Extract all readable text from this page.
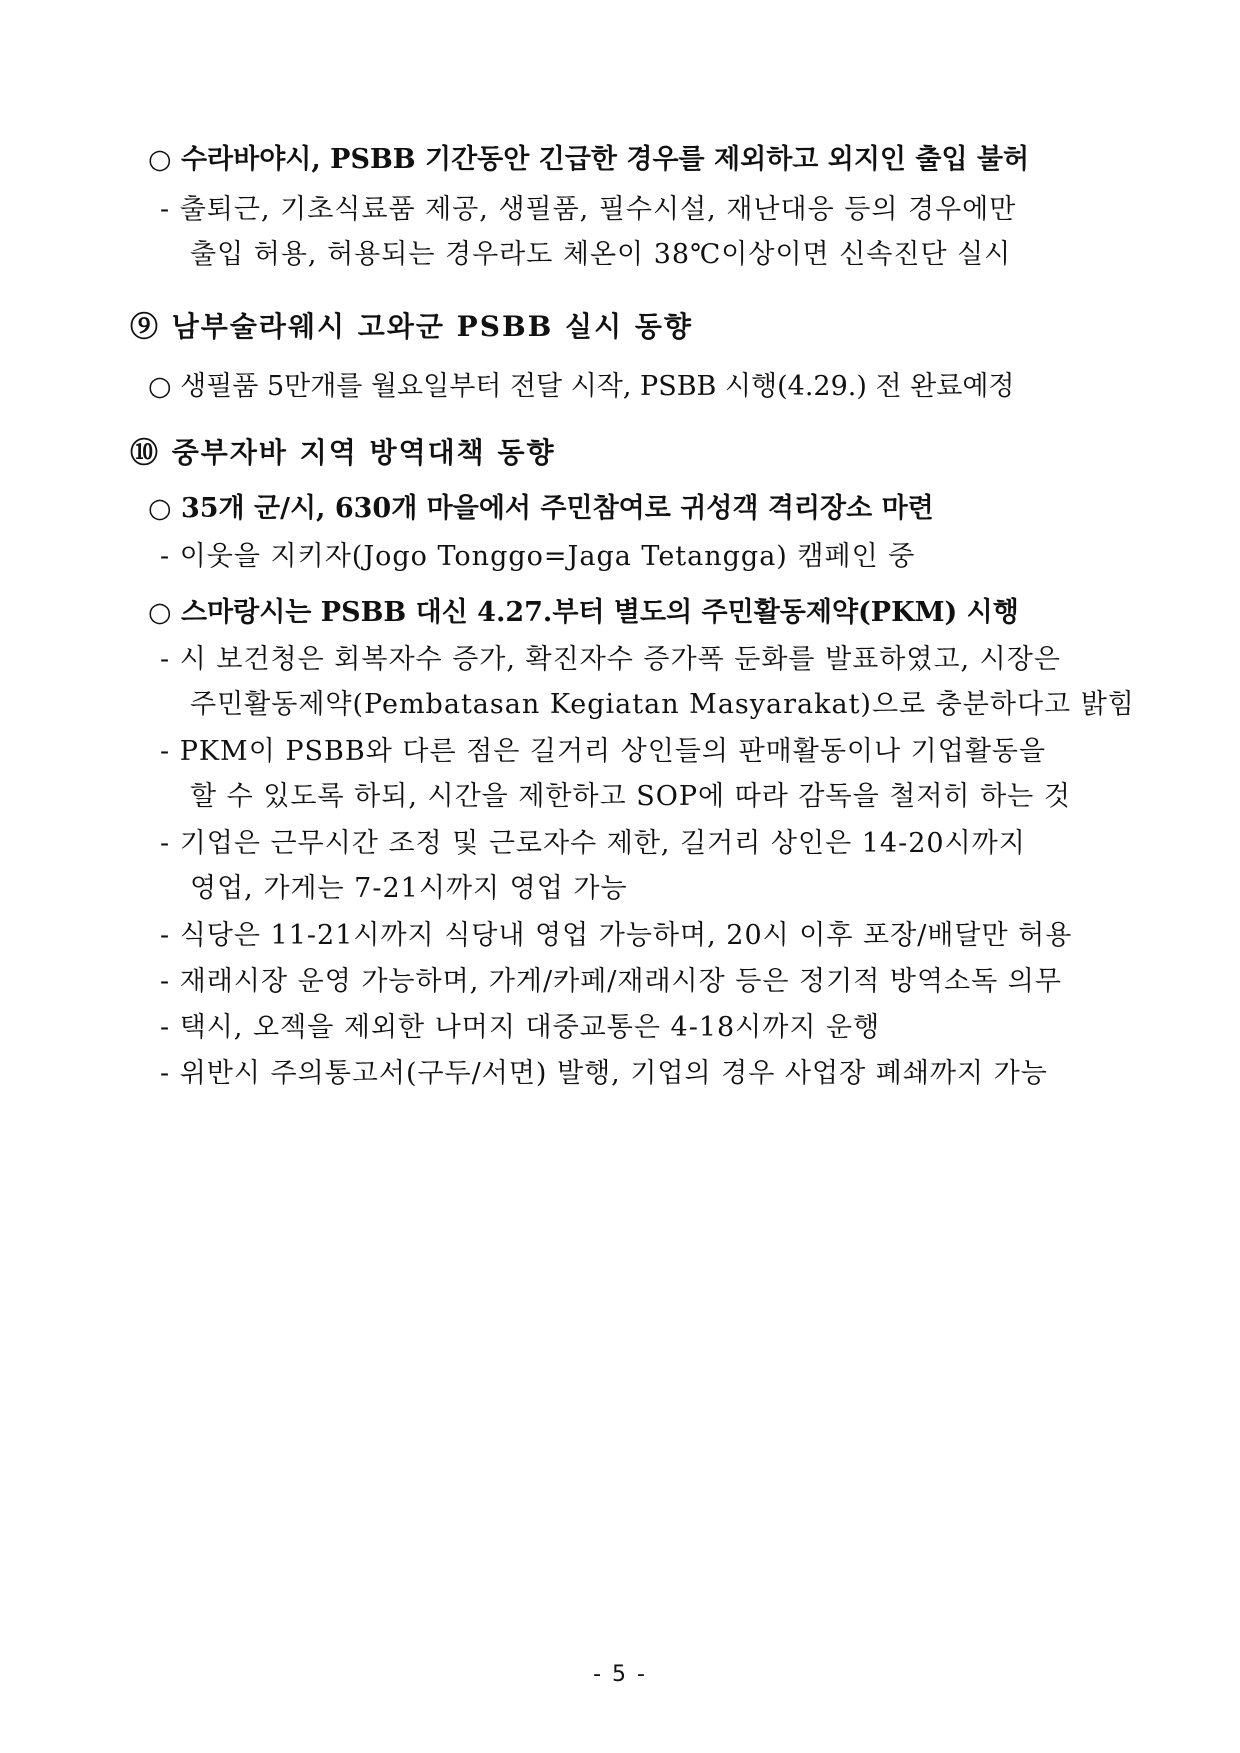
○ 수라바야시, PSBB 기간동안 긴급한 경우를 제외하고 외지인 출입 불허
- 출퇴근, 기초식료품 제공, 생필품, 필수시설, 재난대응 등의 경우에만
출입 허용, 허용되는 경우라도 체온이 38℃이상이면 신속진단 실시
⑨ 남부술라웨시 고와군 PSBB 실시 동향
○ 생필품 5만개를 월요일부터 전달 시작, PSBB 시행(4.29.) 전 완료예정
⑩ 중부자바 지역 방역대책 동향
○ 35개 군/시, 630개 마을에서 주민참여로 귀성객 격리장소 마련
- 이웃을 지키자(Jogo Tonggo=Jaga Tetangga) 캠페인 중
○ 스마랑시는 PSBB 대신 4.27.부터 별도의 주민활동제약(PKM) 시행
- 시 보건청은 회복자수 증가, 확진자수 증가폭 둔화를 발표하였고, 시장은
주민활동제약(Pembatasan Kegiatan Masyarakat)으로 충분하다고 밝힘
- PKM이 PSBB와 다른 점은 길거리 상인들의 판매활동이나 기업활동을
할 수 있도록 하되, 시간을 제한하고 SOP에 따라 감독을 철저히 하는 것
- 기업은 근무시간 조정 및 근로자수 제한, 길거리 상인은 14-20시까지
영업, 가게는 7-21시까지 영업 가능
- 식당은 11-21시까지 식당내 영업 가능하며, 20시 이후 포장/배달만 허용
- 재래시장 운영 가능하며, 가게/카페/재래시장 등은 정기적 방역소독 의무
- 택시, 오젝을 제외한 나머지 대중교통은 4-18시까지 운행
- 위반시 주의통고서(구두/서면) 발행, 기업의 경우 사업장 폐쇄까지 가능
- 5 -
